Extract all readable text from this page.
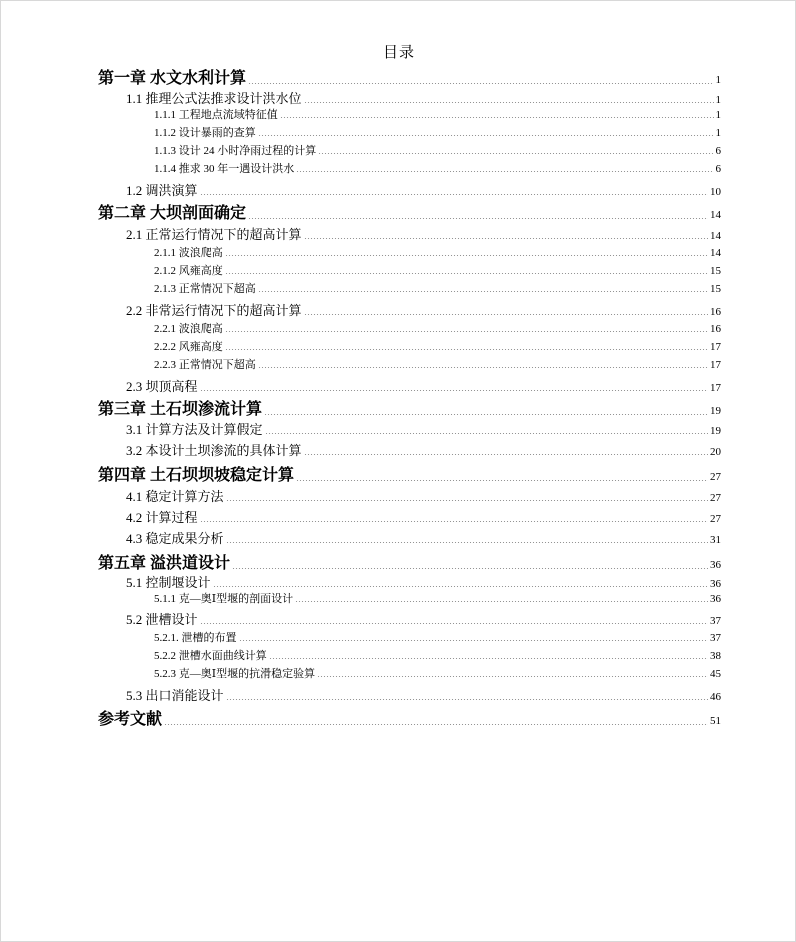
目录
第一章 水文水利计算	1
1.1 推理公式法推求设计洪水位	1
1.1.1 工程地点流域特征值	1
1.1.2 设计暴雨的查算	1
1.1.3 设计 24 小时净雨过程的计算	6
1.1.4 推求 30 年一遇设计洪水	6
1.2 调洪演算	10
第二章 大坝剖面确定	14
2.1 正常运行情况下的超高计算	14
2.1.1 波浪爬高	14
2.1.2 风雍高度	15
2.1.3 正常情况下超高	15
2.2 非常运行情况下的超高计算	16
2.2.1 波浪爬高	16
2.2.2 风雍高度	17
2.2.3 正常情况下超高	17
2.3 坝顶高程	17
第三章 土石坝渗流计算	19
3.1 计算方法及计算假定	19
3.2 本设计土坝渗流的具体计算	20
第四章 土石坝坝坡稳定计算	27
4.1 稳定计算方法	27
4.2 计算过程	27
4.3 稳定成果分析	31
第五章 溢洪道设计	36
5.1 控制堰设计	36
5.1.1 克—奥Ⅰ型堰的剖面设计	36
5.2 泄槽设计	37
5.2.1. 泄槽的布置	37
5.2.2 泄槽水面曲线计算	38
5.2.3 克—奥Ⅰ型堰的抗滑稳定验算	45
5.3 出口消能设计	46
参考文献	51
